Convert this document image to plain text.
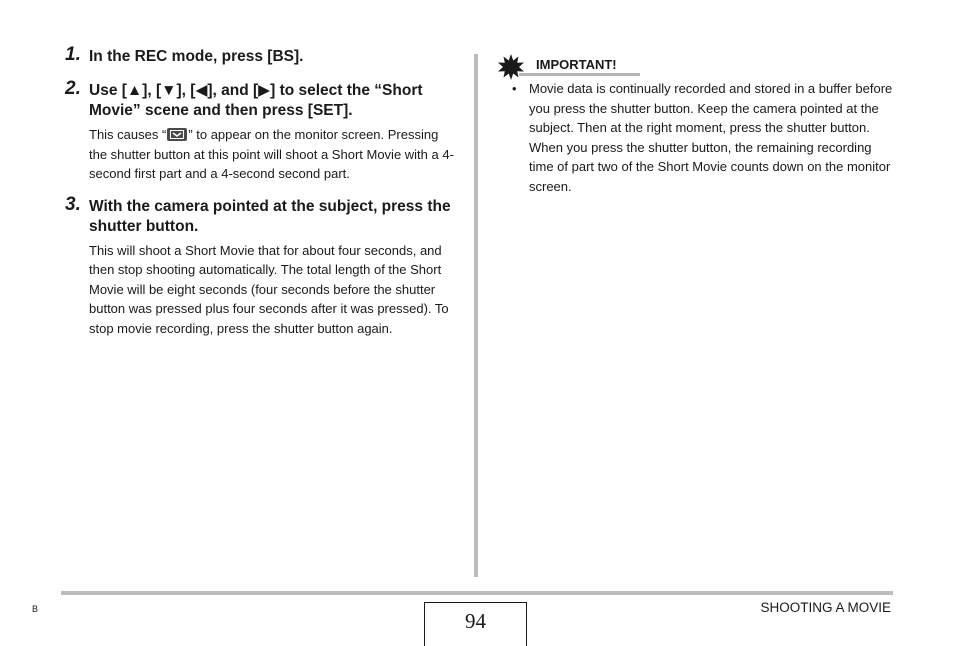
1. In the REC mode, press [BS].

2. Use [▲], [▼], [◀], and [▶] to select the “Short Movie” scene and then press [SET].

This causes “ ” to appear on the monitor screen. Pressing the shutter button at this point will shoot a Short Movie with a 4-second first part and a 4-second second part.

3. With the camera pointed at the subject, press the shutter button.

This will shoot a Short Movie that for about four seconds, and then stop shooting automatically. The total length of the Short Movie will be eight seconds (four seconds before the shutter button was pressed plus four seconds after it was pressed). To stop movie recording, press the shutter button again.

IMPORTANT!
• Movie data is continually recorded and stored in a buffer before you press the shutter button. Keep the camera pointed at the subject. Then at the right moment, press the shutter button. When you press the shutter button, the remaining recording time of part two of the Short Movie counts down on the monitor screen.
B	94
SHOOTING A MOVIE
